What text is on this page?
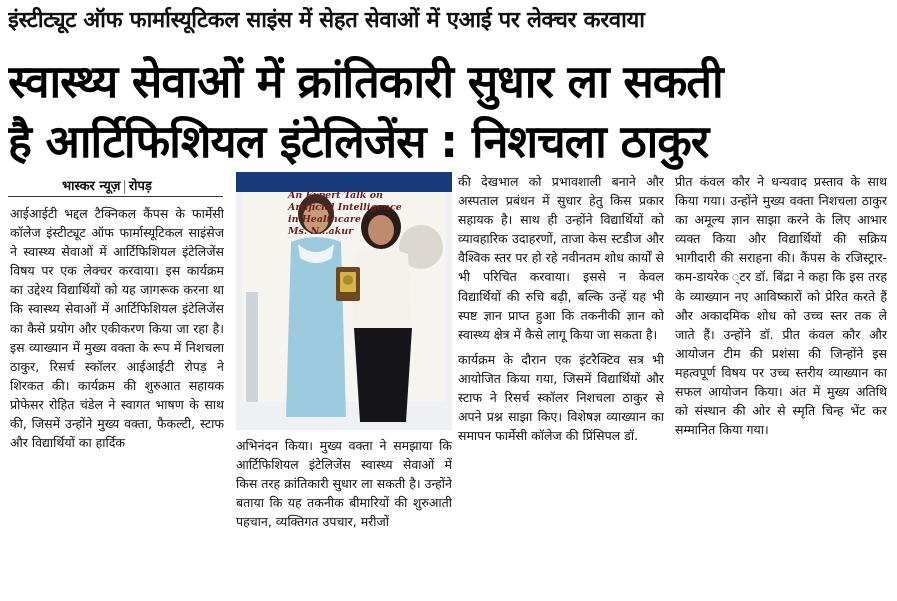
इंस्टीट्यूट ऑफ फार्मास्यूटिकल साइंस में सेहत सेवाओं में एआई पर लेक्चर करवाया
स्वास्थ्य सेवाओं में क्रांतिकारी सुधार ला सकती
है आर्टिफिशियल इंटेलिजेंस : निशचला ठाकुर
भास्कर न्यूज़ | रोपड़

आईआईटी भद्दल टैक्निकल कैंपस के फार्मेसी कॉलेज इंस्टीट्यूट ऑफ फार्मास्यूटिकल साइंसेज ने स्वास्थ्य सेवाओं में आर्टिफिशियल इंटेलिजेंस विषय पर एक लेक्चर करवाया। इस कार्यक्रम का उद्देश्य विद्यार्थियों को यह जागरूक करना था कि स्वास्थ्य सेवाओं में आर्टिफिशियल इंटेलिजेंस का कैसे प्रयोग और एकीकरण किया जा रहा है। इस व्याख्यान में मुख्य वक्ता के रूप में निशचला ठाकुर, रिसर्च स्कॉलर आईआईटी रोपड़ ने शिरकत की। कार्यक्रम की शुरुआत सहायक प्रोफेसर रोहित चंडेल ने स्वागत भाषण के साथ की, जिसमें उन्होंने मुख्य वक्ता, फैकल्टी, स्टाफ और विद्यार्थियों का हार्दिक

An Expert Talk on
Artificial Intelligence
in Healthcare
Ms. N...akur

अभिनंदन किया। मुख्य वक्ता ने समझाया कि आर्टिफिशियल इंटेलिजेंस स्वास्थ्य सेवाओं में किस तरह क्रांतिकारी सुधार ला सकती है। उन्होंने बताया कि यह तकनीक बीमारियों की शुरुआती पहचान, व्यक्तिगत उपचार, मरीजों

की देखभाल को प्रभावशाली बनाने और अस्पताल प्रबंधन में सुधार हेतु किस प्रकार सहायक है। साथ ही उन्होंने विद्यार्थियों को व्यावहारिक उदाहरणों, ताजा केस स्टडीज और वैश्विक स्तर पर हो रहे नवीनतम शोध कार्यों से भी परिचित करवाया। इससे न केवल विद्यार्थियों की रुचि बढ़ी, बल्कि उन्हें यह भी स्पष्ट ज्ञान प्राप्त हुआ कि तकनीकी ज्ञान को स्वास्थ्य क्षेत्र में कैसे लागू किया जा सकता है।

कार्यक्रम के दौरान एक इंटरैक्टिव सत्र भी आयोजित किया गया, जिसमें विद्यार्थियों और स्टाफ ने रिसर्च स्कॉलर निशचला ठाकुर से अपने प्रश्न साझा किए। विशेषज्ञ व्याख्यान का समापन फार्मेसी कॉलेज की प्रिंसिपल डॉ.

प्रीत कंवल कौर ने धन्यवाद प्रस्ताव के साथ किया गया। उन्होंने मुख्य वक्ता निशचला ठाकुर का अमूल्य ज्ञान साझा करने के लिए आभार व्यक्त किया और विद्यार्थियों की सक्रिय भागीदारी की सराहना की। कैंपस के रजिस्ट्रार-कम-डायरेक ्टर डॉ. बिंद्रा ने कहा कि इस तरह के व्याख्यान नए आविष्कारों को प्रेरित करते हैं और अकादमिक शोध को उच्च स्तर तक ले जाते हैं। उन्होंने डॉ. प्रीत कंवल कौर और आयोजन टीम की प्रशंसा की जिन्होंने इस महत्वपूर्ण विषय पर उच्च स्तरीय व्याख्यान का सफल आयोजन किया। अंत में मुख्य अतिथि को संस्थान की ओर से स्मृति चिन्ह भेंट कर सम्मानित किया गया।
